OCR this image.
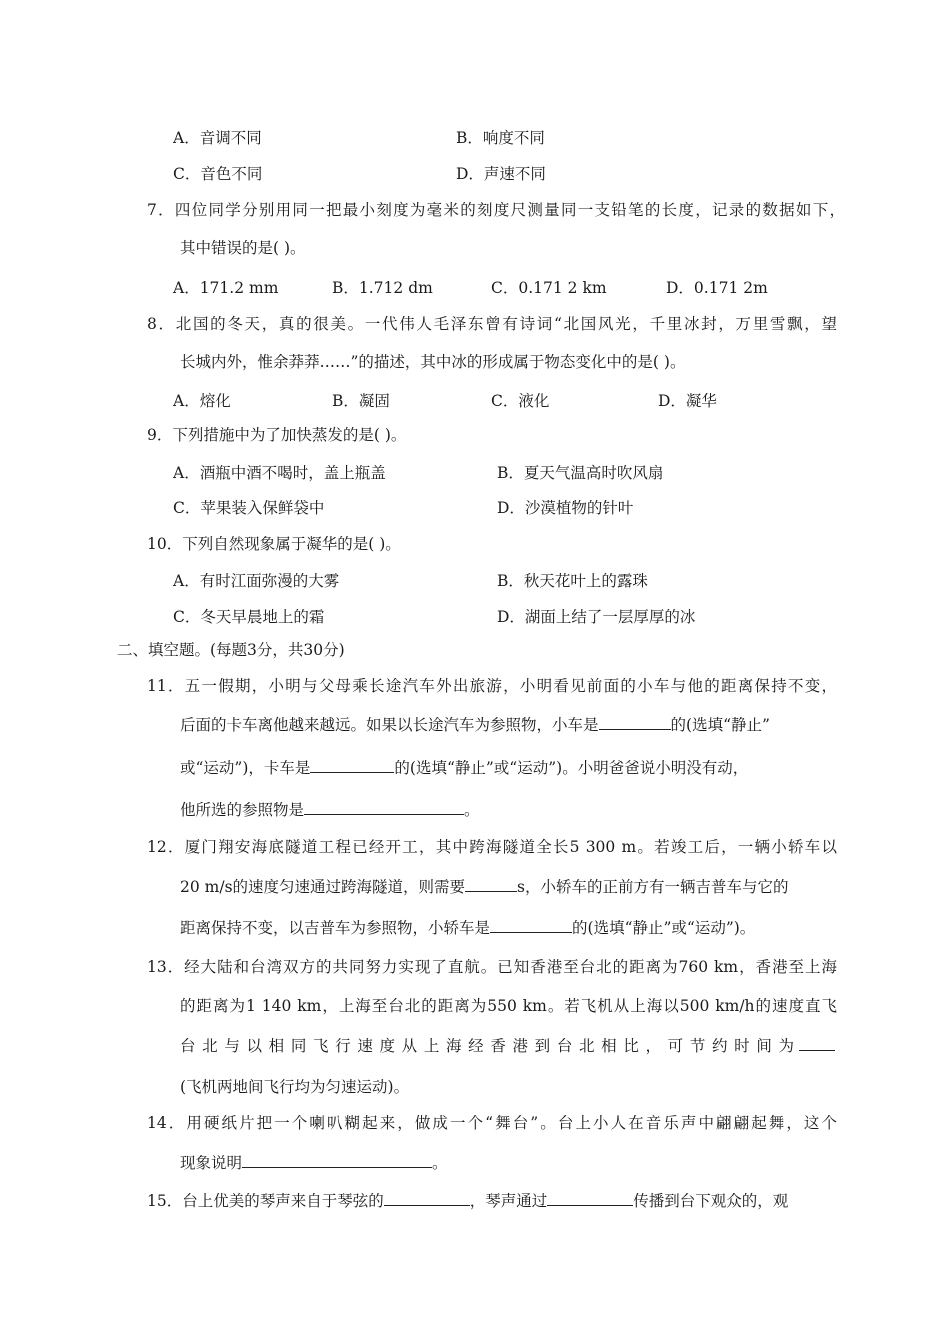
A．音调不同	B．响度不同
C．音色不同	D．声速不同
7．四位同学分别用同一把最小刻度为毫米的刻度尺测量同一支铅笔的长度，记录的数据如下，
其中错误的是( )。
A．171.2 mm	B．1.712 dm	C．0.171 2 km	D．0.171 2m
8．北国的冬天，真的很美。一代伟人毛泽东曾有诗词“北国风光，千里冰封，万里雪飘，望
长城内外，惟余莽莽……”的描述，其中冰的形成属于物态变化中的是( )。
A．熔化	B．凝固	C．液化	D．凝华
9．下列措施中为了加快蒸发的是( )。
A．酒瓶中酒不喝时，盖上瓶盖	B．夏天气温高时吹风扇
C．苹果装入保鲜袋中	D．沙漠植物的针叶
10．下列自然现象属于凝华的是( )。
A．有时江面弥漫的大雾	B．秋天花叶上的露珠
C．冬天早晨地上的霜	D．湖面上结了一层厚厚的冰
二、填空题。(每题3分，共30分)
11．五一假期，小明与父母乘长途汽车外出旅游，小明看见前面的小车与他的距离保持不变，
后面的卡车离他越来越远。如果以长途汽车为参照物，小车是	的(选填“静止”
或“运动”)，卡车是	的(选填“静止”或“运动”)。小明爸爸说小明没有动，
他所选的参照物是	。
12．厦门翔安海底隧道工程已经开工，其中跨海隧道全长5 300 m。若竣工后，一辆小轿车以
20 m/s的速度匀速通过跨海隧道，则需要	s，小轿车的正前方有一辆吉普车与它的
距离保持不变，以吉普车为参照物，小轿车是	的(选填“静止”或“运动”)。
13．经大陆和台湾双方的共同努力实现了直航。已知香港至台北的距离为760 km，香港至上海
的距离为1 140 km，上海至台北的距离为550 km。若飞机从上海以500 km/h的速度直飞
台北与以相同飞行速度从上海经香港到台北相比，可节约时间为
(飞机两地间飞行均为匀速运动)。
14．用硬纸片把一个喇叭糊起来，做成一个“舞台”。台上小人在音乐声中翩翩起舞，这个
现象说明	。
15．台上优美的琴声来自于琴弦的	，琴声通过	传播到台下观众的，观
